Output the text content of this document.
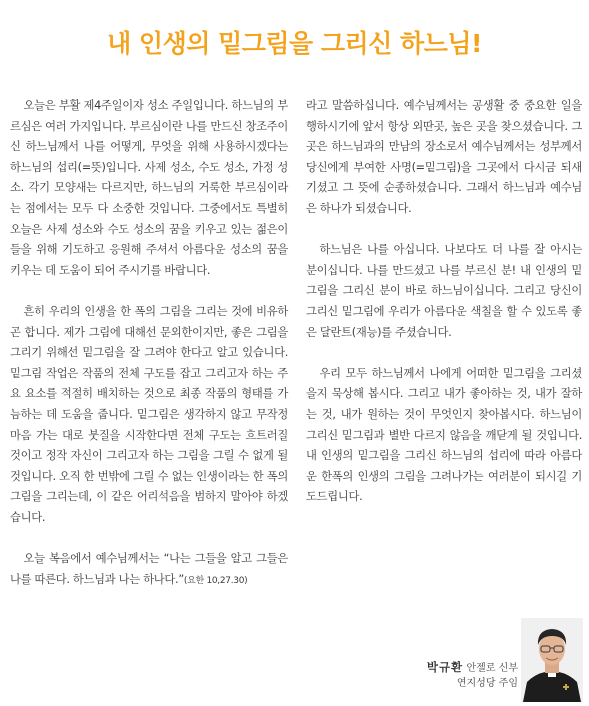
내 인생의 밑그림을 그리신 하느님!

오늘은 부활 제4주일이자 성소 주일입니다. 하느님의 부르심은 여러 가지입니다. 부르심이란 나를 만드신 창조주이신 하느님께서 나를 어떻게, 무엇을 위해 사용하시겠다는 하느님의 섭리(=뜻)입니다. 사제 성소, 수도 성소, 가정 성소. 각기 모양새는 다르지만, 하느님의 거룩한 부르심이라는 점에서는 모두 다 소중한 것입니다. 그중에서도 특별히 오늘은 사제 성소와 수도 성소의 꿈을 키우고 있는 젊은이들을 위해 기도하고 응원해 주셔서 아름다운 성소의 꿈을 키우는 데 도움이 되어 주시기를 바랍니다.

흔히 우리의 인생을 한 폭의 그림을 그리는 것에 비유하곤 합니다. 제가 그림에 대해선 문외한이지만, 좋은 그림을 그리기 위해선 밑그림을 잘 그려야 한다고 알고 있습니다. 밑그림 작업은 작품의 전체 구도를 잡고 그리고자 하는 주요 요소를 적절히 배치하는 것으로 최종 작품의 형태를 가늠하는 데 도움을 줍니다. 밑그림은 생각하지 않고 무작정 마음 가는 대로 붓질을 시작한다면 전체 구도는 흐트러질 것이고 정작 자신이 그리고자 하는 그림을 그릴 수 없게 될 것입니다. 오직 한 번밖에 그릴 수 없는 인생이라는 한 폭의 그림을 그리는데, 이 같은 어리석음을 범하지 말아야 하겠습니다.

오늘 복음에서 예수님께서는 “나는 그들을 알고 그들은 나를 따른다. 하느님과 나는 하나다.”(요한 10,27.30)

라고 말씀하십니다. 예수님께서는 공생활 중 중요한 일을 행하시기에 앞서 항상 외딴곳, 높은 곳을 찾으셨습니다. 그곳은 하느님과의 만남의 장소로서 예수님께서는 성부께서 당신에게 부여한 사명(=밑그림)을 그곳에서 다시금 되새기셨고 그 뜻에 순종하셨습니다. 그래서 하느님과 예수님은 하나가 되셨습니다.

하느님은 나를 아십니다. 나보다도 더 나를 잘 아시는 분이십니다. 나를 만드셨고 나를 부르신 분! 내 인생의 밑그림을 그리신 분이 바로 하느님이십니다. 그리고 당신이 그리신 밑그림에 우리가 아름다운 색칠을 할 수 있도록 좋은 달란트(재능)를 주셨습니다.

우리 모두 하느님께서 나에게 어떠한 밑그림을 그리셨을지 묵상해 봅시다. 그리고 내가 좋아하는 것, 내가 잘하는 것, 내가 원하는 것이 무엇인지 찾아봅시다. 하느님이 그리신 밑그림과 별반 다르지 않음을 깨닫게 될 것입니다. 내 인생의 밑그림을 그리신 하느님의 섭리에 따라 아름다운 한폭의 인생의 그림을 그려나가는 여러분이 되시길 기도드립니다.

박규환 안젤로 신부
연지성당 주임
